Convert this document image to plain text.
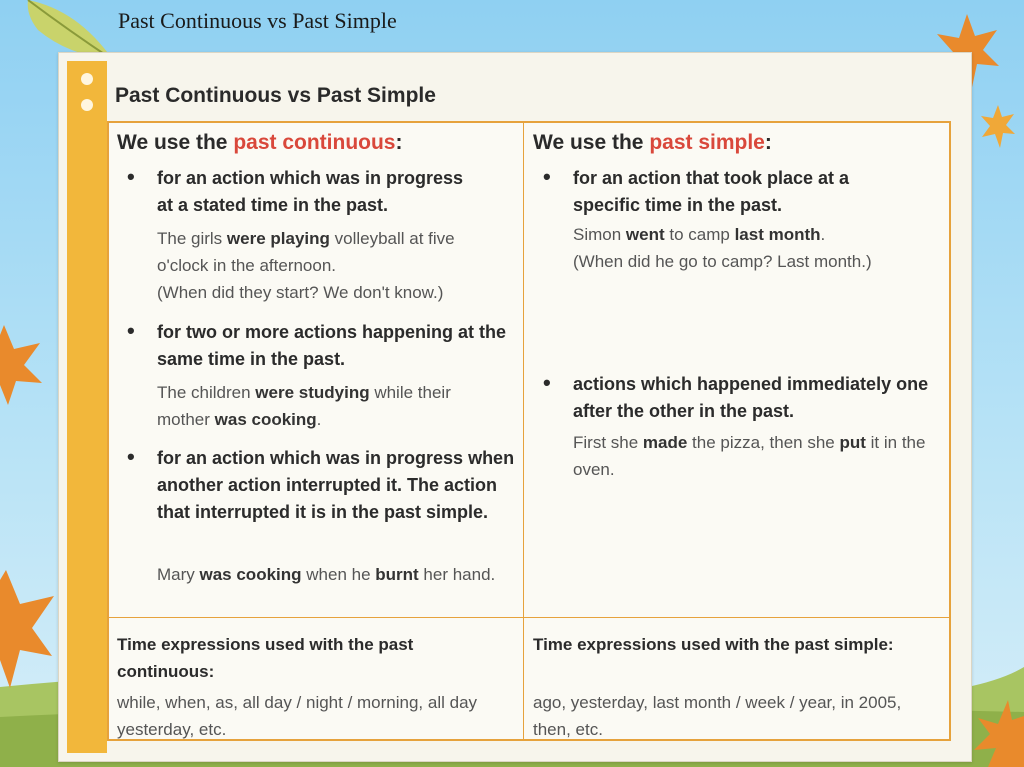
Past Continuous vs Past Simple
Past Continuous vs Past Simple
We use the past continuous:
• for an action which was in progress at a stated time in the past.
The girls were playing volleyball at five o'clock in the afternoon.
(When did they start? We don't know.)
• for two or more actions happening at the same time in the past.
The children were studying while their mother was cooking.
• for an action which was in progress when another action interrupted it. The action that interrupted it is in the past simple.
Mary was cooking when he burnt her hand.
Time expressions used with the past continuous:
while, when, as, all day / night / morning, all day yesterday, etc.
We use the past simple:
• for an action that took place at a specific time in the past.
Simon went to camp last month.
(When did he go to camp? Last month.)
• actions which happened immediately one after the other in the past.
First she made the pizza, then she put it in the oven.
Time expressions used with the past simple:
ago, yesterday, last month / week / year, in 2005, then, etc.
